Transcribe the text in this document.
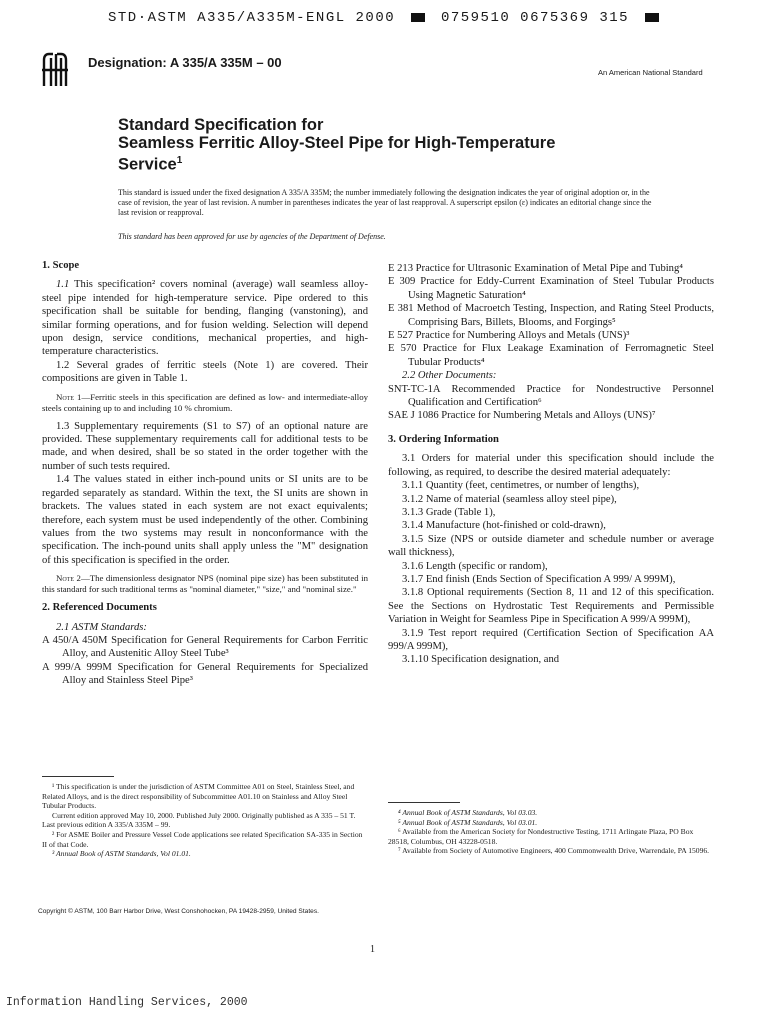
STD·ASTM A335/A335M-ENGL 2000	0759510 0675369 315
Designation: A 335/A 335M – 00
An American National Standard
Standard Specification for
Seamless Ferritic Alloy-Steel Pipe for High-Temperature
Service$^1$
This standard is issued under the fixed designation A 335/A 335M; the number immediately following the designation indicates the year of original adoption or, in the case of revision, the year of last revision. A number in parentheses indicates the year of last reapproval. A superscript epsilon (ε) indicates an editorial change since the last revision or reapproval.
This standard has been approved for use by agencies of the Department of Defense.
1. Scope

1.1 This specification² covers nominal (average) wall seamless alloy-steel pipe intended for high-temperature service. Pipe ordered to this specification shall be suitable for bending, flanging (vanstoning), and similar forming operations, and for fusion welding. Selection will depend upon design, service conditions, mechanical properties, and high-temperature characteristics.

1.2 Several grades of ferritic steels (Note 1) are covered. Their compositions are given in Table 1.

Note 1—Ferritic steels in this specification are defined as low- and intermediate-alloy steels containing up to and including 10 % chromium.

1.3 Supplementary requirements (S1 to S7) of an optional nature are provided. These supplementary requirements call for additional tests to be made, and when desired, shall be so stated in the order together with the number of such tests required.

1.4 The values stated in either inch-pound units or SI units are to be regarded separately as standard. Within the text, the SI units are shown in brackets. The values stated in each system are not exact equivalents; therefore, each system must be used independently of the other. Combining values from the two systems may result in nonconformance with the specification. The inch-pound units shall apply unless the "M" designation of this specification is specified in the order.

Note 2—The dimensionless designator NPS (nominal pipe size) has been substituted in this standard for such traditional terms as "nominal diameter," "size," and "nominal size."

2. Referenced Documents

2.1 ASTM Standards:

A 450/A 450M Specification for General Requirements for Carbon Ferritic Alloy, and Austenitic Alloy Steel Tube³

A 999/A 999M Specification for General Requirements for Specialized Alloy and Stainless Steel Pipe³

E 213 Practice for Ultrasonic Examination of Metal Pipe and Tubing⁴

E 309 Practice for Eddy-Current Examination of Steel Tubular Products Using Magnetic Saturation⁴

E 381 Method of Macroetch Testing, Inspection, and Rating Steel Products, Comprising Bars, Billets, Blooms, and Forgings⁵

E 527 Practice for Numbering Alloys and Metals (UNS)³

E 570 Practice for Flux Leakage Examination of Ferromagnetic Steel Tubular Products⁴

2.2 Other Documents:

SNT-TC-1A Recommended Practice for Nondestructive Personnel Qualification and Certification⁶

SAE J 1086 Practice for Numbering Metals and Alloys (UNS)⁷

3. Ordering Information

3.1 Orders for material under this specification should include the following, as required, to describe the desired material adequately:

3.1.1 Quantity (feet, centimetres, or number of lengths),

3.1.2 Name of material (seamless alloy steel pipe),

3.1.3 Grade (Table 1),

3.1.4 Manufacture (hot-finished or cold-drawn),

3.1.5 Size (NPS or outside diameter and schedule number or average wall thickness),

3.1.6 Length (specific or random),

3.1.7 End finish (Ends Section of Specification A 999/ A 999M),

3.1.8 Optional requirements (Section 8, 11 and 12 of this specification. See the Sections on Hydrostatic Test Requirements and Permissible Variation in Weight for Seamless Pipe in Specification A 999/A 999M),

3.1.9 Test report required (Certification Section of Specification AA 999/A 999M),

3.1.10 Specification designation, and

¹ This specification is under the jurisdiction of ASTM Committee A01 on Steel, Stainless Steel, and Related Alloys, and is the direct responsibility of Subcommittee A01.10 on Stainless and Alloy Steel Tubular Products.

Current edition approved May 10, 2000. Published July 2000. Originally published as A 335 – 51 T. Last previous edition A 335/A 335M – 99.

² For ASME Boiler and Pressure Vessel Code applications see related Specification SA-335 in Section II of that Code.

³ Annual Book of ASTM Standards, Vol 01.01.

⁴ Annual Book of ASTM Standards, Vol 03.03.

⁵ Annual Book of ASTM Standards, Vol 03.01.

⁶ Available from the American Society for Nondestructive Testing, 1711 Arlingate Plaza, PO Box 28518, Columbus, OH 43228-0518.

⁷ Available from Society of Automotive Engineers, 400 Commonwealth Drive, Warrendale, PA 15096.

Copyright © ASTM, 100 Barr Harbor Drive, West Conshohocken, PA 19428-2959, United States.
1
Information Handling Services, 2000
